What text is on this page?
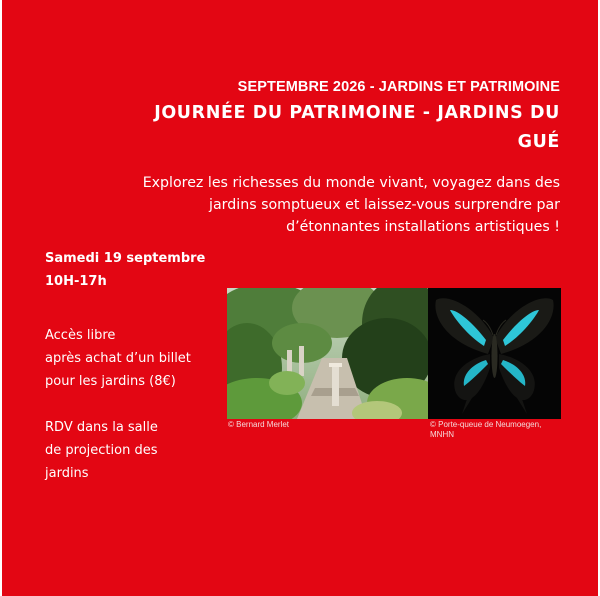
SEPTEMBRE 2026 - JARDINS ET PATRIMOINE
JOURNÉE DU PATRIMOINE - JARDINS DU GUÉ
Explorez les richesses du monde vivant, voyagez dans des
jardins somptueux et laissez-vous surprendre par
d’étonnantes installations artistiques !
Samedi 19 septembre
10H-17h
Accès libre
après achat d’un billet
pour les jardins (8€)
RDV dans la salle
de projection des
jardins
© Bernard Merlet	© Porte-queue de Neumoegen,
MNHN
